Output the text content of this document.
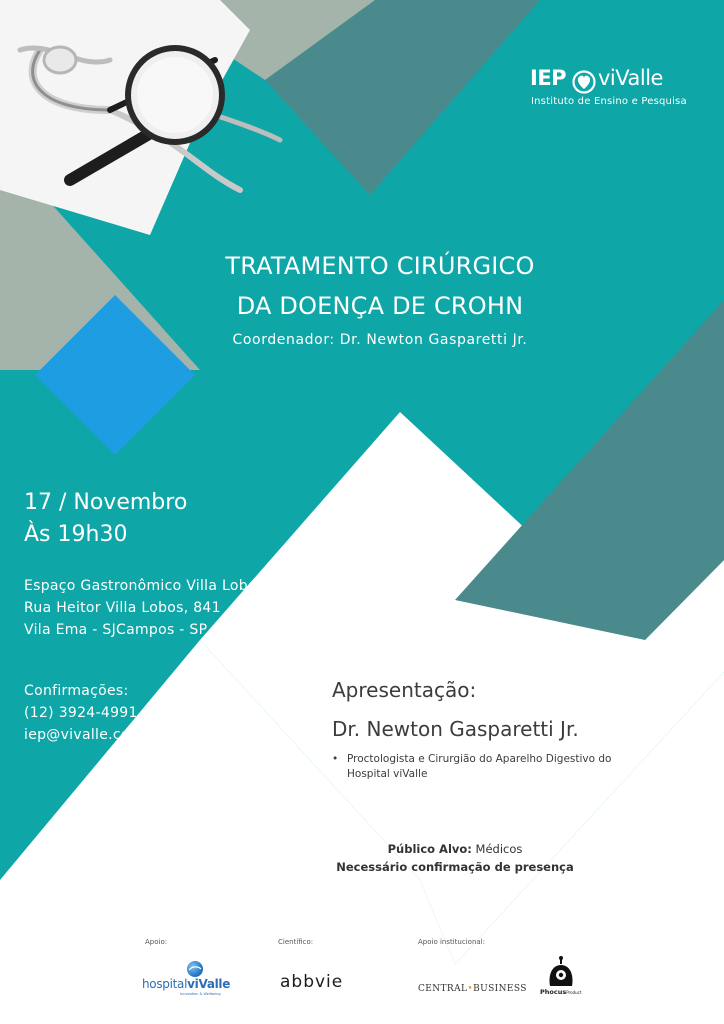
IEP viValle
Instituto de Ensino e Pesquisa

TRATAMENTO CIRÚRGICO

DA DOENÇA DE CROHN

Coordenador: Dr. Newton Gasparetti Jr.

17 / Novembro

Às 19h30

Espaço Gastronômico Villa Lobos

Rua Heitor Villa Lobos, 841

Vila Ema - SJCampos - SP

Confirmações:

(12) 3924-4991

iep@vivalle.com.br

Apresentação:

Dr. Newton Gasparetti Jr.

• Proctologista e Cirurgião do Aparelho Digestivo do Hospital viValle

Público Alvo: Médicos

Necessário confirmação de presença

Apoio:	Científico:	Apoio institucional:

hospitalviValle
Innovation & Wellbeing

abbvie	CENTRAL•BUSINESS PhocusProduct
